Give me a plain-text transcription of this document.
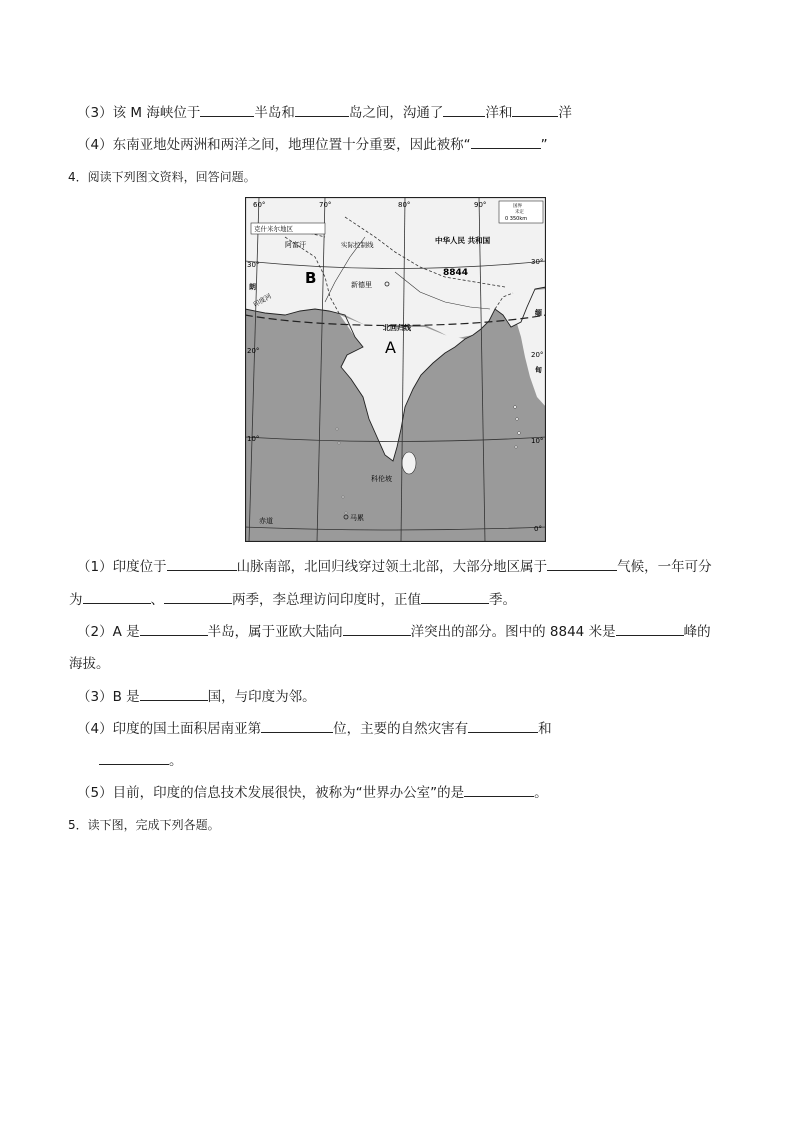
（3）该 M 海峡位于	半岛和	岛之间，沟通了	洋和	洋
（4）东南亚地处两洲和两洋之间，地理位置十分重要，因此被称“	”
4．阅读下列图文资料，回答问题。
60°	70°	80°	90°
30°
20°
10°
30°
20°
10°
0°
国界
未定
0 350km
克什米尔地区
阿富汗	实际控制线	中华人民 共和国
8844
新德里
北回归线
A
B
朗
印度河
缅
甸
科伦坡
马累
赤道
（1）印度位于	山脉南部，北回归线穿过领土北部，大部分地区属于	气候，一年可分
为	、	两季，李总理访问印度时，正值	季。
（2）A 是	半岛，属于亚欧大陆向	洋突出的部分。图中的 8844 米是	峰的
海拔。
（3）B 是	国，与印度为邻。
（4）印度的国土面积居南亚第	位，主要的自然灾害有	和
。
（5）目前，印度的信息技术发展很快，被称为“世界办公室”的是	。
5．读下图，完成下列各题。
